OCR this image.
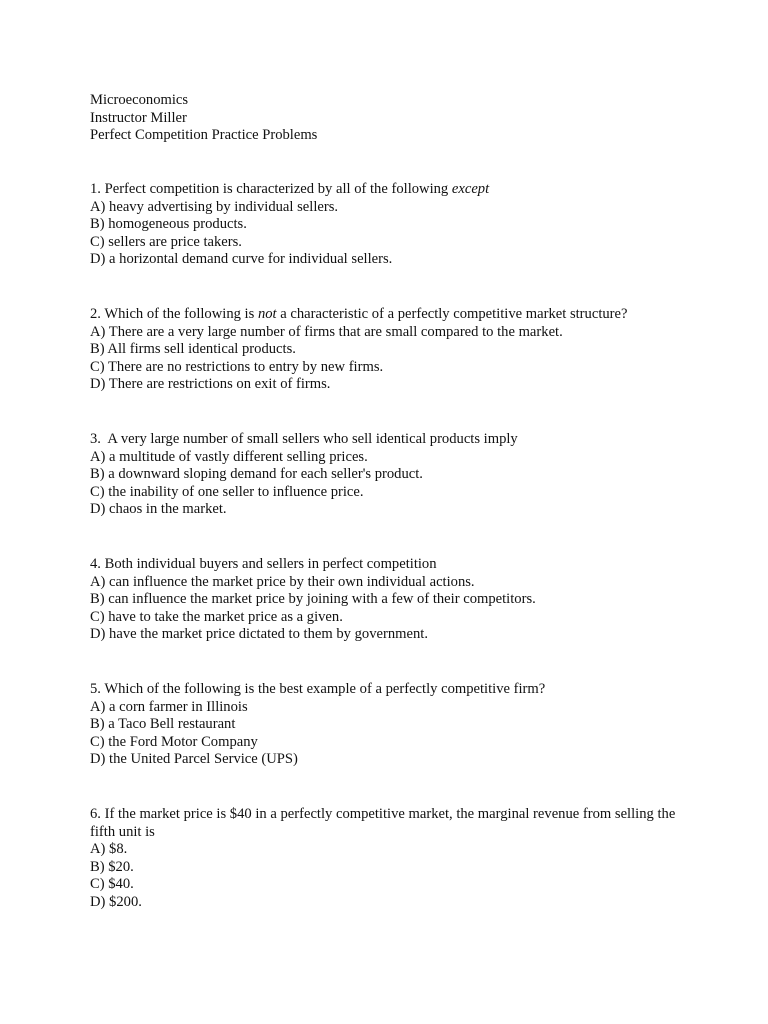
Microeconomics
Instructor Miller
Perfect Competition Practice Problems
1. Perfect competition is characterized by all of the following except
A) heavy advertising by individual sellers.
B) homogeneous products.
C) sellers are price takers.
D) a horizontal demand curve for individual sellers.
2. Which of the following is not a characteristic of a perfectly competitive market structure?
A) There are a very large number of firms that are small compared to the market.
B) All firms sell identical products.
C) There are no restrictions to entry by new firms.
D) There are restrictions on exit of firms.
3.  A very large number of small sellers who sell identical products imply
A) a multitude of vastly different selling prices.
B) a downward sloping demand for each seller's product.
C) the inability of one seller to influence price.
D) chaos in the market.
4. Both individual buyers and sellers in perfect competition
A) can influence the market price by their own individual actions.
B) can influence the market price by joining with a few of their competitors.
C) have to take the market price as a given.
D) have the market price dictated to them by government.
5. Which of the following is the best example of a perfectly competitive firm?
A) a corn farmer in Illinois
B) a Taco Bell restaurant
C) the Ford Motor Company
D) the United Parcel Service (UPS)
6. If the market price is $40 in a perfectly competitive market, the marginal revenue from selling the fifth unit is
A) $8.
B) $20.
C) $40.
D) $200.
